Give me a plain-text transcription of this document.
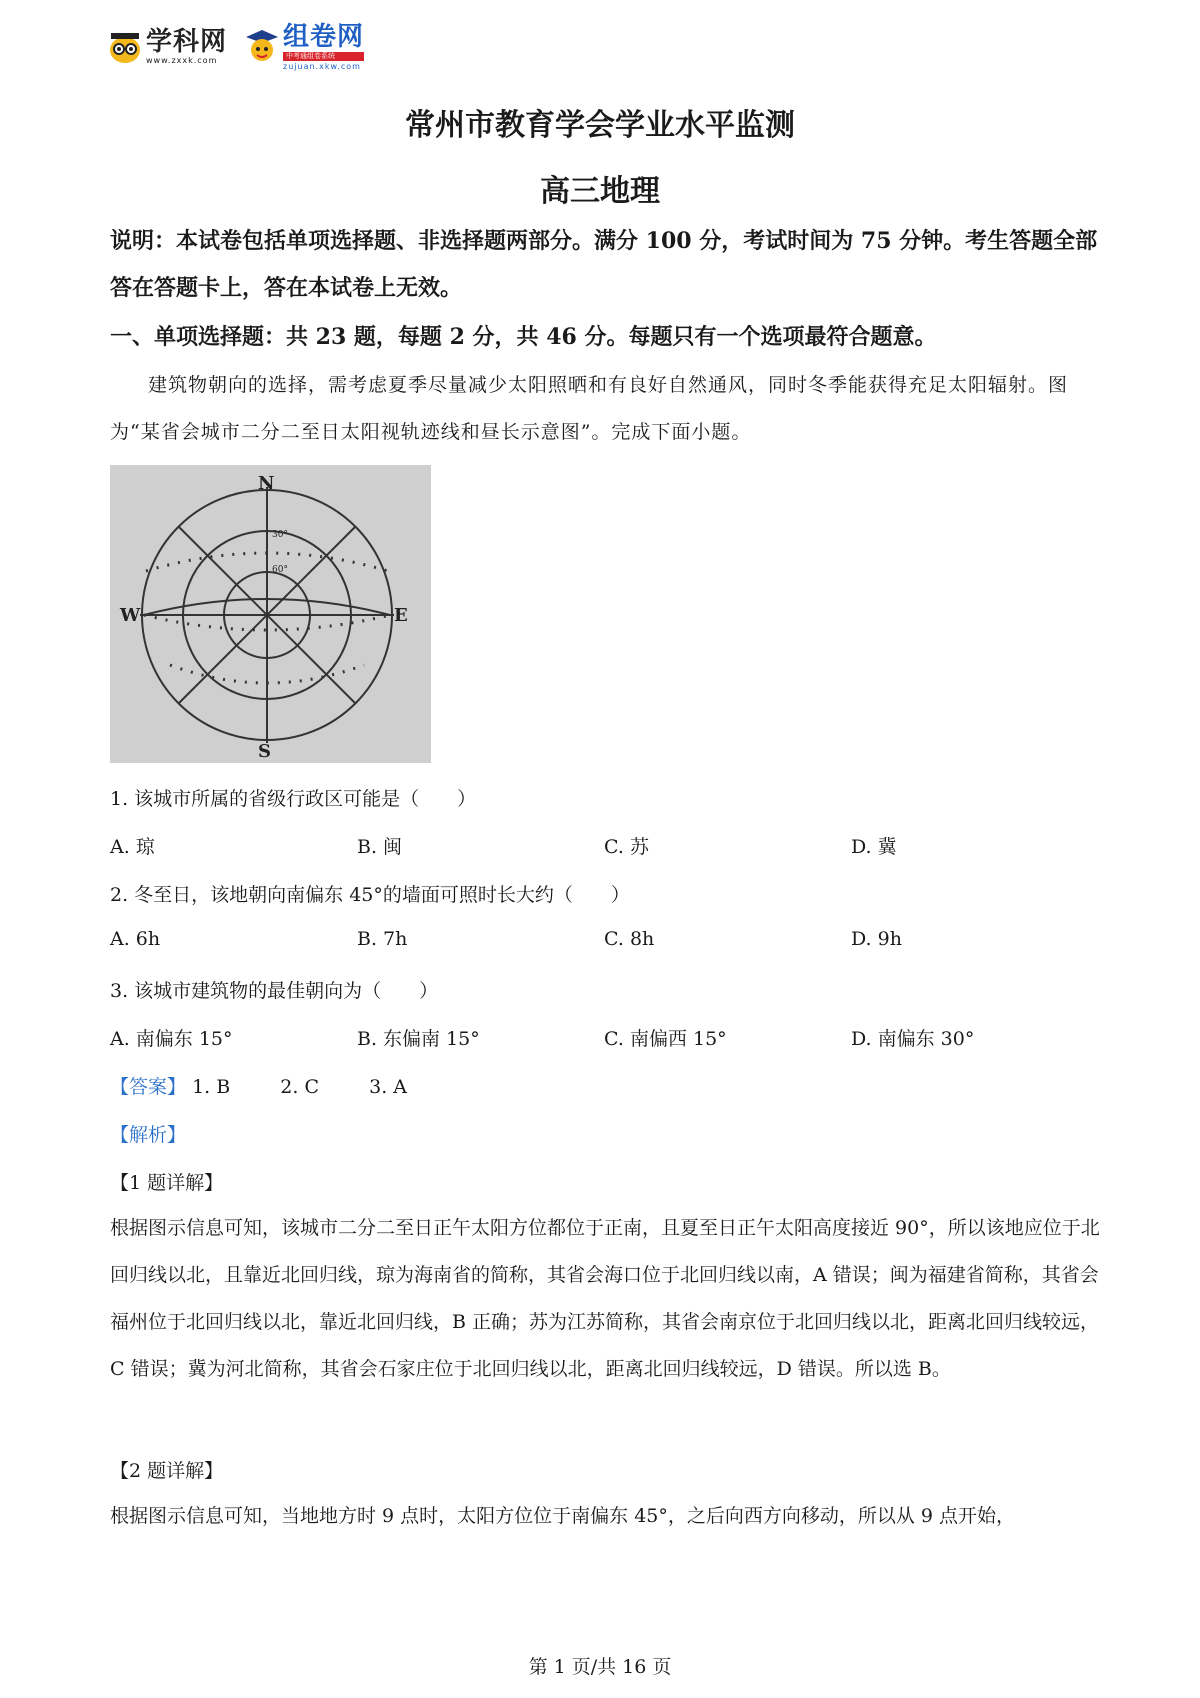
学科网
www.zxxk.com
组卷网
中考通组卷系统
zujuan.xkw.com
常州市教育学会学业水平监测
高三地理
说明：本试卷包括单项选择题、非选择题两部分。满分 100 分，考试时间为 75 分钟。考生答题全部答在答题卡上，答在本试卷上无效。
一、单项选择题：共 23 题，每题 2 分，共 46 分。每题只有一个选项最符合题意。
建筑物朝向的选择，需考虑夏季尽量减少太阳照晒和有良好自然通风，同时冬季能获得充足太阳辐射。图为“某省会城市二分二至日太阳视轨迹线和昼长示意图”。完成下面小题。
N
S
E
W
30°
60°
1. 该城市所属的省级行政区可能是（　　）
A. 琼	B. 闽	C. 苏	D. 冀
2. 冬至日，该地朝向南偏东 45°的墙面可照时长大约（　　）
A. 6h	B. 7h	C. 8h	D. 9h
3. 该城市建筑物的最佳朝向为（　　）
A. 南偏东 15°	B. 东偏南 15°	C. 南偏西 15°	D. 南偏东 30°
【答案】 1. B	2. C	3. A
【解析】
【1 题详解】
根据图示信息可知，该城市二分二至日正午太阳方位都位于正南，且夏至日正午太阳高度接近 90°，所以该地应位于北回归线以北，且靠近北回归线，琼为海南省的简称，其省会海口位于北回归线以南，A 错误；闽为福建省简称，其省会福州位于北回归线以北，靠近北回归线，B 正确；苏为江苏简称，其省会南京位于北回归线以北，距离北回归线较远，C 错误；冀为河北简称，其省会石家庄位于北回归线以北，距离北回归线较远，D 错误。所以选 B。
【2 题详解】
根据图示信息可知，当地地方时 9 点时，太阳方位位于南偏东 45°，之后向西方向移动，所以从 9 点开始，
第 1 页/共 16 页
